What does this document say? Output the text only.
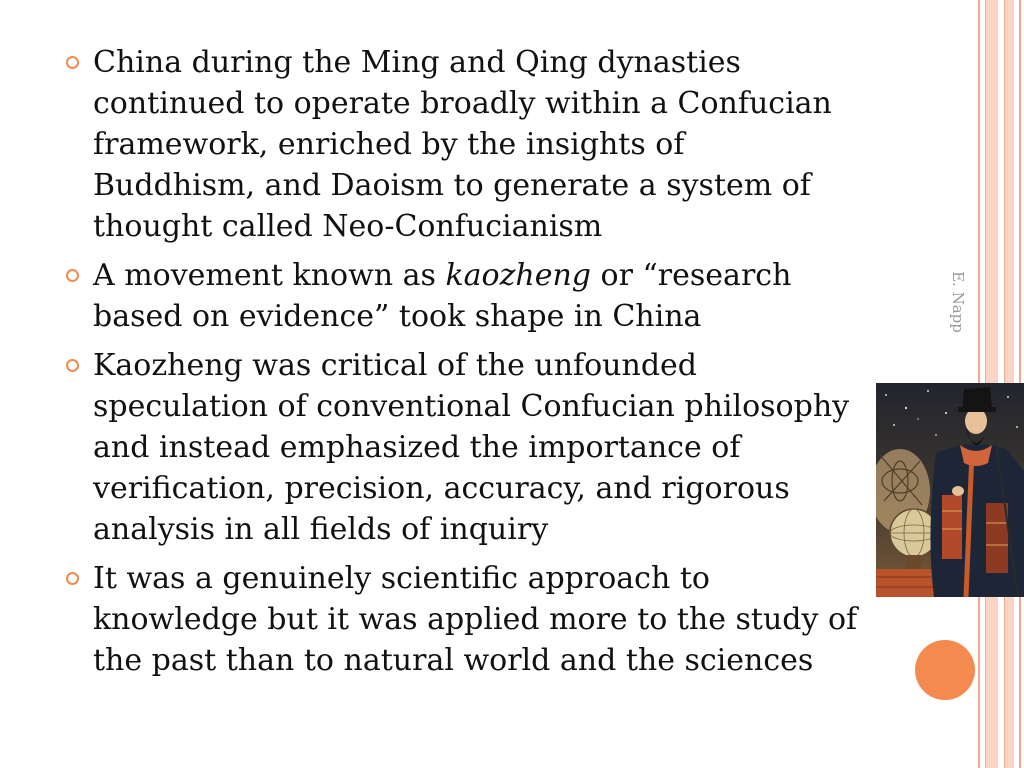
E. Napp
China during the Ming and Qing dynasties
continued to operate broadly within a Confucian
framework, enriched by the insights of
Buddhism, and Daoism to generate a system of
thought called Neo-Confucianism
A movement known as kaozheng or “research
based on evidence” took shape in China
Kaozheng was critical of the unfounded
speculation of conventional Confucian philosophy
and instead emphasized the importance of
verification, precision, accuracy, and rigorous
analysis in all fields of inquiry
It was a genuinely scientific approach to
knowledge but it was applied more to the study of
the past than to natural world and the sciences
